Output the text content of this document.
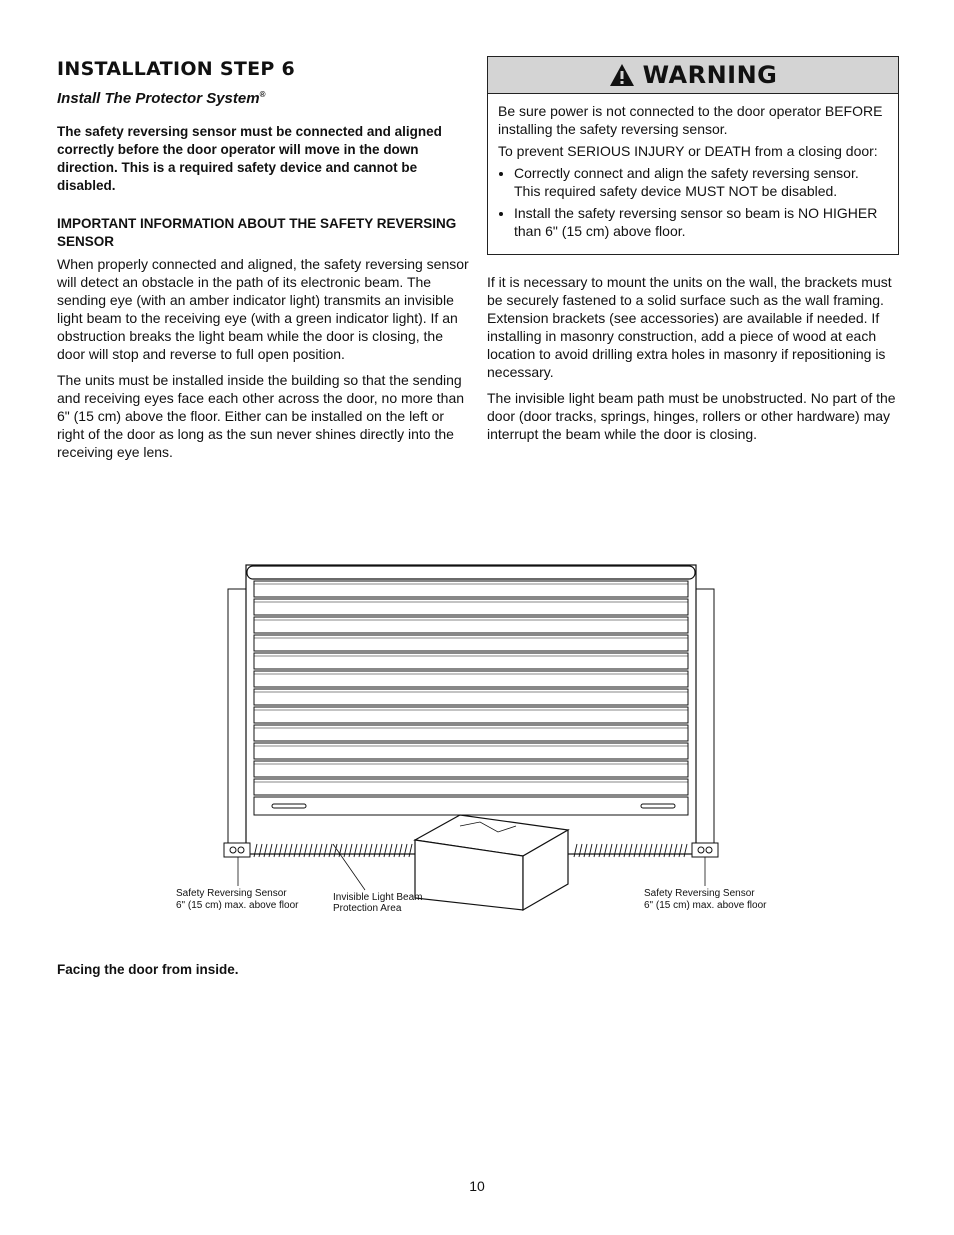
INSTALLATION STEP 6
Install The Protector System®

The safety reversing sensor must be connected and aligned correctly before the door operator will move in the down direction. This is a required safety device and cannot be disabled.

IMPORTANT INFORMATION ABOUT THE SAFETY REVERSING SENSOR

When properly connected and aligned, the safety reversing sensor will detect an obstacle in the path of its electronic beam. The sending eye (with an amber indicator light) transmits an invisible light beam to the receiving eye (with a green indicator light). If an obstruction breaks the light beam while the door is closing, the door will stop and reverse to full open position.

The units must be installed inside the building so that the sending and receiving eyes face each other across the door, no more than 6" (15 cm) above the floor. Either can be installed on the left or right of the door as long as the sun never shines directly into the receiving eye lens.

WARNING

Be sure power is not connected to the door operator BEFORE installing the safety reversing sensor.

To prevent SERIOUS INJURY or DEATH from a closing door:

• Correctly connect and align the safety reversing sensor. This required safety device MUST NOT be disabled.
• Install the safety reversing sensor so beam is NO HIGHER than 6" (15 cm) above floor.

If it is necessary to mount the units on the wall, the brackets must be securely fastened to a solid surface such as the wall framing. Extension brackets (see accessories) are available if needed. If installing in masonry construction, add a piece of wood at each location to avoid drilling extra holes in masonry if repositioning is necessary.

The invisible light beam path must be unobstructed. No part of the door (door tracks, springs, hinges, rollers or other hardware) may interrupt the beam while the door is closing.

Safety Reversing Sensor
6" (15 cm) max. above floor
Invisible Light Beam
Protection Area
Safety Reversing Sensor
6" (15 cm) max. above floor
Facing the door from inside.
10
